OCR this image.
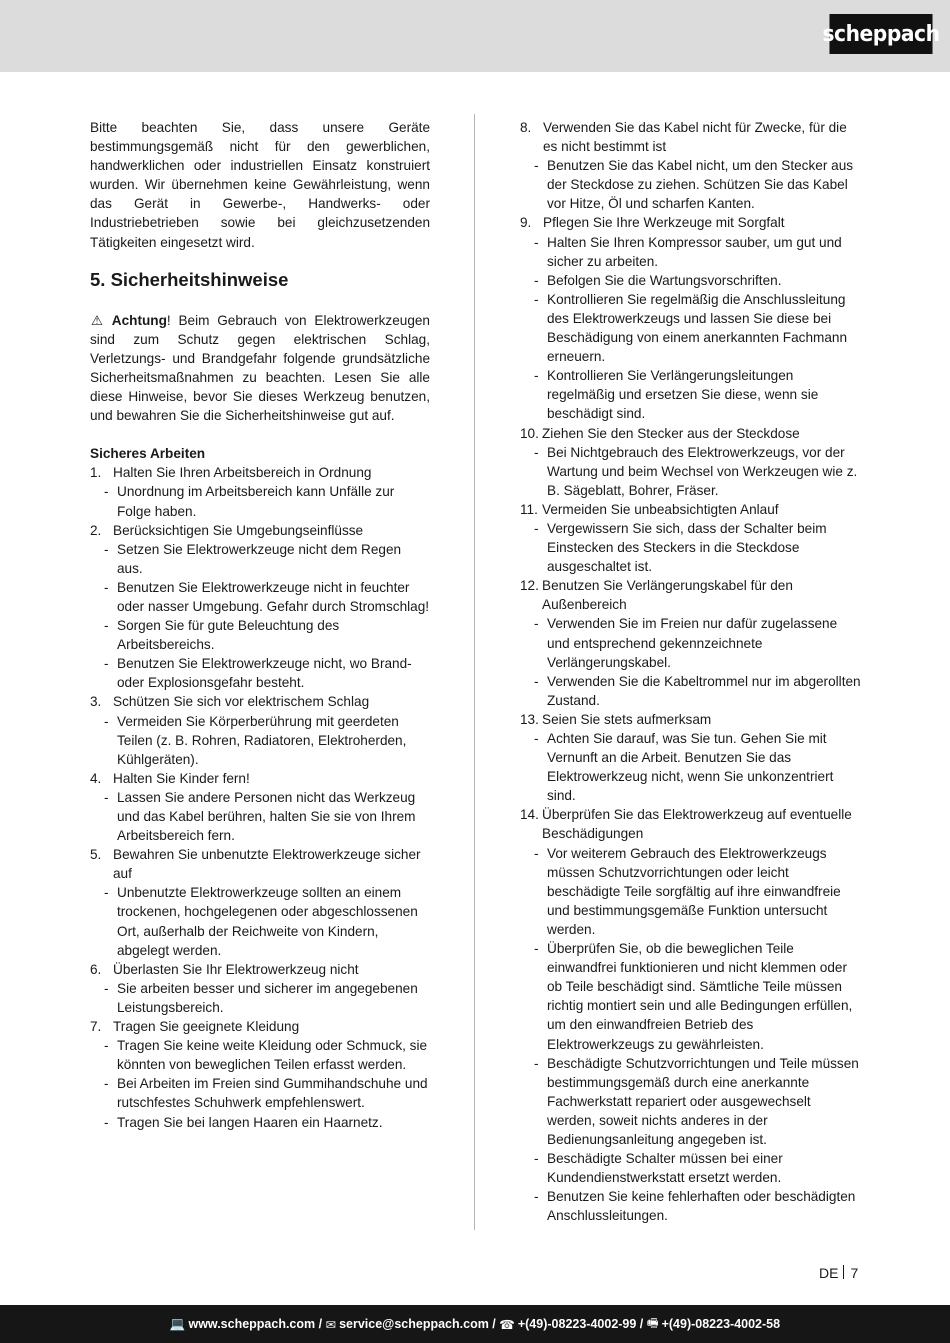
scheppach

Bitte beachten Sie, dass unsere Geräte bestimmungsgemäß nicht für den gewerblichen, handwerklichen oder industriellen Einsatz konstruiert wurden. Wir übernehmen keine Gewährleistung, wenn das Gerät in Gewerbe-, Handwerks- oder Industriebetrieben sowie bei gleichzusetzenden Tätigkeiten eingesetzt wird.

5. Sicherheitshinweise

⚠ Achtung! Beim Gebrauch von Elektrowerkzeugen sind zum Schutz gegen elektrischen Schlag, Verletzungs- und Brandgefahr folgende grundsätzliche Sicherheitsmaßnahmen zu beachten. Lesen Sie alle diese Hinweise, bevor Sie dieses Werkzeug benutzen, und bewahren Sie die Sicherheitshinweise gut auf.

Sicheres Arbeiten
1. Halten Sie Ihren Arbeitsbereich in Ordnung
- Unordnung im Arbeitsbereich kann Unfälle zur Folge haben.
2. Berücksichtigen Sie Umgebungseinflüsse
- Setzen Sie Elektrowerkzeuge nicht dem Regen aus.
- Benutzen Sie Elektrowerkzeuge nicht in feuchter oder nasser Umgebung. Gefahr durch Stromschlag!
- Sorgen Sie für gute Beleuchtung des Arbeitsbereichs.
- Benutzen Sie Elektrowerkzeuge nicht, wo Brand- oder Explosionsgefahr besteht.
3. Schützen Sie sich vor elektrischem Schlag
- Vermeiden Sie Körperberührung mit geerdeten Teilen (z. B. Rohren, Radiatoren, Elektroherden, Kühlgeräten).
4. Halten Sie Kinder fern!
- Lassen Sie andere Personen nicht das Werkzeug und das Kabel berühren, halten Sie sie von Ihrem Arbeitsbereich fern.
5. Bewahren Sie unbenutzte Elektrowerkzeuge sicher auf
- Unbenutzte Elektrowerkzeuge sollten an einem trockenen, hochgelegenen oder abgeschlossenen Ort, außerhalb der Reichweite von Kindern, abgelegt werden.
6. Überlasten Sie Ihr Elektrowerkzeug nicht
- Sie arbeiten besser und sicherer im angegebenen Leistungsbereich.
7. Tragen Sie geeignete Kleidung
- Tragen Sie keine weite Kleidung oder Schmuck, sie könnten von beweglichen Teilen erfasst werden.
- Bei Arbeiten im Freien sind Gummihandschuhe und rutschfestes Schuhwerk empfehlenswert.
- Tragen Sie bei langen Haaren ein Haarnetz.
8. Verwenden Sie das Kabel nicht für Zwecke, für die es nicht bestimmt ist
- Benutzen Sie das Kabel nicht, um den Stecker aus der Steckdose zu ziehen. Schützen Sie das Kabel vor Hitze, Öl und scharfen Kanten.
9. Pflegen Sie Ihre Werkzeuge mit Sorgfalt
- Halten Sie Ihren Kompressor sauber, um gut und sicher zu arbeiten.
- Befolgen Sie die Wartungsvorschriften.
- Kontrollieren Sie regelmäßig die Anschlussleitung des Elektrowerkzeugs und lassen Sie diese bei Beschädigung von einem anerkannten Fachmann erneuern.
- Kontrollieren Sie Verlängerungsleitungen regelmäßig und ersetzen Sie diese, wenn sie beschädigt sind.
10. Ziehen Sie den Stecker aus der Steckdose
- Bei Nichtgebrauch des Elektrowerkzeugs, vor der Wartung und beim Wechsel von Werkzeugen wie z. B. Sägeblatt, Bohrer, Fräser.
11. Vermeiden Sie unbeabsichtigten Anlauf
- Vergewissern Sie sich, dass der Schalter beim Einstecken des Steckers in die Steckdose ausgeschaltet ist.
12. Benutzen Sie Verlängerungskabel für den Außenbereich
- Verwenden Sie im Freien nur dafür zugelassene und entsprechend gekennzeichnete Verlängerungskabel.
- Verwenden Sie die Kabeltrommel nur im abgerollten Zustand.
13. Seien Sie stets aufmerksam
- Achten Sie darauf, was Sie tun. Gehen Sie mit Vernunft an die Arbeit. Benutzen Sie das Elektrowerkzeug nicht, wenn Sie unkonzentriert sind.
14. Überprüfen Sie das Elektrowerkzeug auf eventuelle Beschädigungen
- Vor weiterem Gebrauch des Elektrowerkzeugs müssen Schutzvorrichtungen oder leicht beschädigte Teile sorgfältig auf ihre einwandfreie und bestimmungsgemäße Funktion untersucht werden.
- Überprüfen Sie, ob die beweglichen Teile einwandfrei funktionieren und nicht klemmen oder ob Teile beschädigt sind. Sämtliche Teile müssen richtig montiert sein und alle Bedingungen erfüllen, um den einwandfreien Betrieb des Elektrowerkzeugs zu gewährleisten.
- Beschädigte Schutzvorrichtungen und Teile müssen bestimmungsgemäß durch eine anerkannte Fachwerkstatt repariert oder ausgewechselt werden, soweit nichts anderes in der Bedienungsanleitung angegeben ist.
- Beschädigte Schalter müssen bei einer Kundendienstwerkstatt ersetzt werden.
- Benutzen Sie keine fehlerhaften oder beschädigten Anschlussleitungen.
DE 7
💻 www.scheppach.com /
✉ service@scheppach.com /
☎ +(49)-08223-4002-99 /
🖷 +(49)-08223-4002-58
